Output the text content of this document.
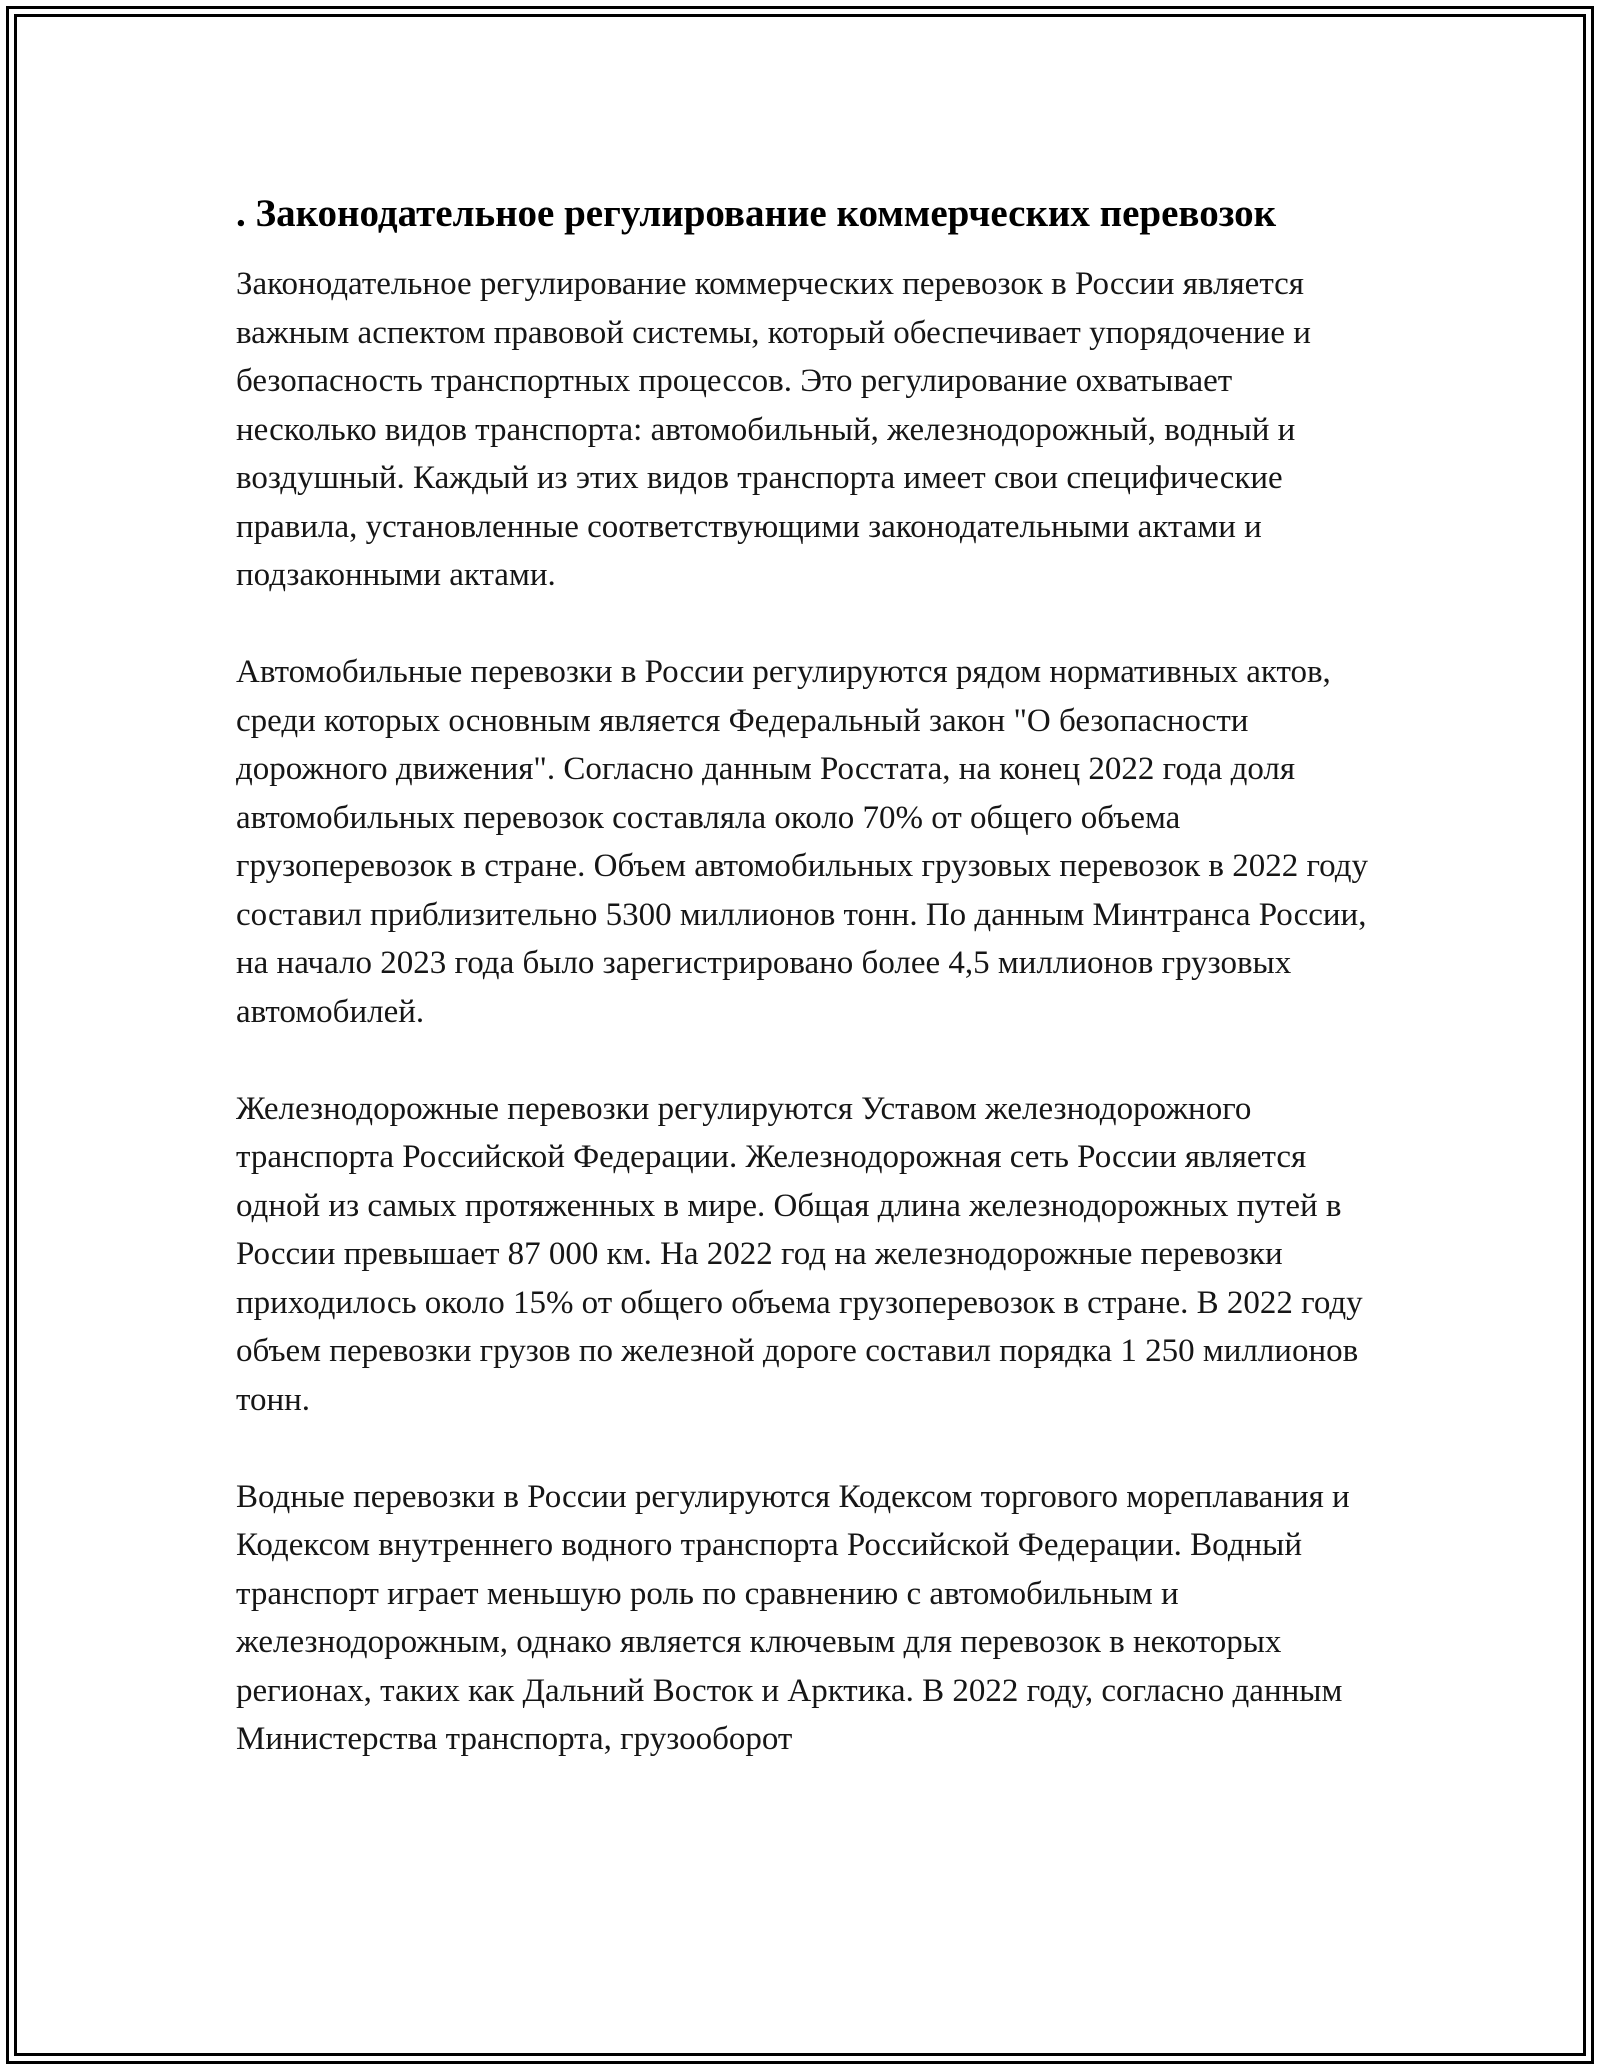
. Законодательное регулирование коммерческих перевозок

Законодательное регулирование коммерческих перевозок в России является важным аспектом правовой системы, который обеспечивает упорядочение и безопасность транспортных процессов. Это регулирование охватывает несколько видов транспорта: автомобильный, железнодорожный, водный и воздушный. Каждый из этих видов транспорта имеет свои специфические правила, установленные соответствующими законодательными актами и подзаконными актами.

Автомобильные перевозки в России регулируются рядом нормативных актов, среди которых основным является Федеральный закон "О безопасности дорожного движения". Согласно данным Росстата, на конец 2022 года доля автомобильных перевозок составляла около 70% от общего объема грузоперевозок в стране. Объем автомобильных грузовых перевозок в 2022 году составил приблизительно 5300 миллионов тонн. По данным Минтранса России, на начало 2023 года было зарегистрировано более 4,5 миллионов грузовых автомобилей.

Железнодорожные перевозки регулируются Уставом железнодорожного транспорта Российской Федерации. Железнодорожная сеть России является одной из самых протяженных в мире. Общая длина железнодорожных путей в России превышает 87 000 км. На 2022 год на железнодорожные перевозки приходилось около 15% от общего объема грузоперевозок в стране. В 2022 году объем перевозки грузов по железной дороге составил порядка 1 250 миллионов тонн.

Водные перевозки в России регулируются Кодексом торгового мореплавания и Кодексом внутреннего водного транспорта Российской Федерации. Водный транспорт играет меньшую роль по сравнению с автомобильным и железнодорожным, однако является ключевым для перевозок в некоторых регионах, таких как Дальний Восток и Арктика. В 2022 году, согласно данным Министерства транспорта, грузооборот
